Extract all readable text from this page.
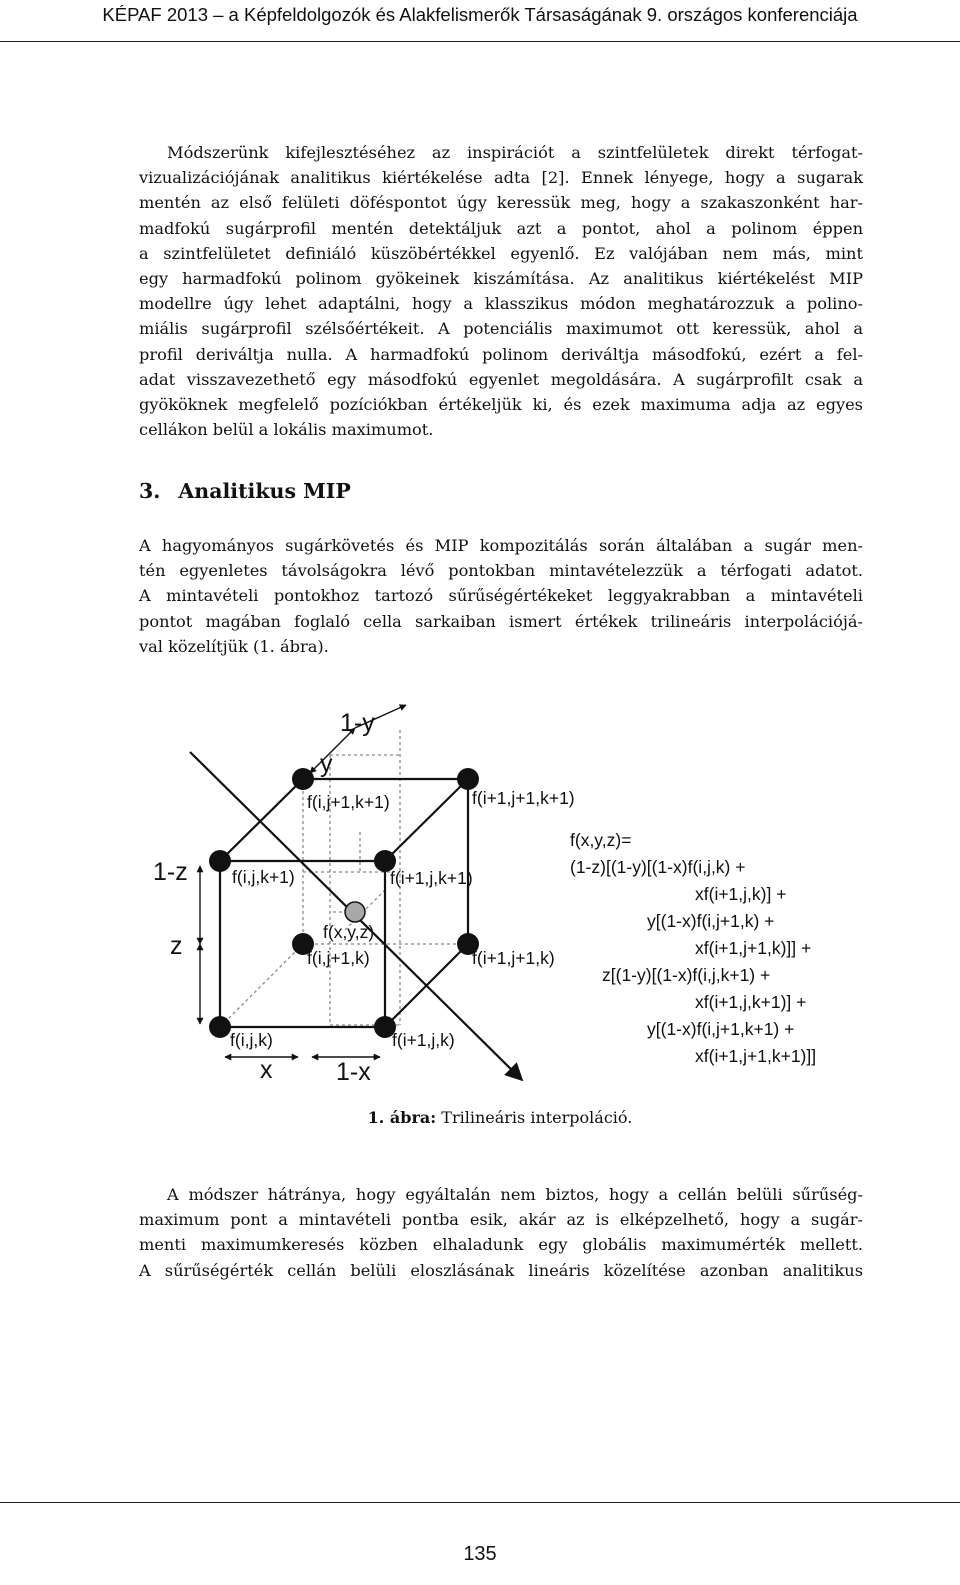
KÉPAF 2013 – a Képfeldolgozók és Alakfelismerők Társaságának 9. országos konferenciája
Módszerünk kifejlesztéséhez az inspirációt a szintfelületek direkt térfogat-
vizualizációjának analitikus kiértékelése adta [2]. Ennek lényege, hogy a sugarak
mentén az első felületi döféspontot úgy keressük meg, hogy a szakaszonként har-
madfokú sugárprofil mentén detektáljuk azt a pontot, ahol a polinom éppen
a szintfelületet definiáló küszöbértékkel egyenlő. Ez valójában nem más, mint
egy harmadfokú polinom gyökeinek kiszámítása. Az analitikus kiértékelést MIP
modellre úgy lehet adaptálni, hogy a klasszikus módon meghatározzuk a polino-
miális sugárprofil szélsőértékeit. A potenciális maximumot ott keressük, ahol a
profil deriváltja nulla. A harmadfokú polinom deriváltja másodfokú, ezért a fel-
adat visszavezethető egy másodfokú egyenlet megoldására. A sugárprofilt csak a
gyököknek megfelelő pozíciókban értékeljük ki, és ezek maximuma adja az egyes
cellákon belül a lokális maximumot.
3. Analitikus MIP
A hagyományos sugárkövetés és MIP kompozitálás során általában a sugár men-
tén egyenletes távolságokra lévő pontokban mintavételezzük a térfogati adatot.
A mintavételi pontokhoz tartozó sűrűségértékeket leggyakrabban a mintavételi
pontot magában foglaló cella sarkaiban ismert értékek trilineáris interpolációjá-
val közelítjük (1. ábra).
1-y
y
f(i,j+1,k+1)	f(i+1,j+1,k+1)
1-z
z
f(i,j,k+1)	f(i+1,j,k+1)
f(x,y,z)
f(i,j+1,k)	f(i+1,j+1,k)
f(i,j,k)	f(i+1,j,k)
x	1-x
f(x,y,z)=
(1-z)[(1-y)[(1-x)f(i,j,k) +
xf(i+1,j,k)] +
y[(1-x)f(i,j+1,k) +
xf(i+1,j+1,k)]] +
z[(1-y)[(1-x)f(i,j,k+1) +
xf(i+1,j,k+1)] +
y[(1-x)f(i,j+1,k+1) +
xf(i+1,j+1,k+1)]]
1. ábra: Trilineáris interpoláció.
A módszer hátránya, hogy egyáltalán nem biztos, hogy a cellán belüli sűrűség-
maximum pont a mintavételi pontba esik, akár az is elképzelhető, hogy a sugár-
menti maximumkeresés közben elhaladunk egy globális maximumérték mellett.
A sűrűségérték cellán belüli eloszlásának lineáris közelítése azonban analitikus
135
